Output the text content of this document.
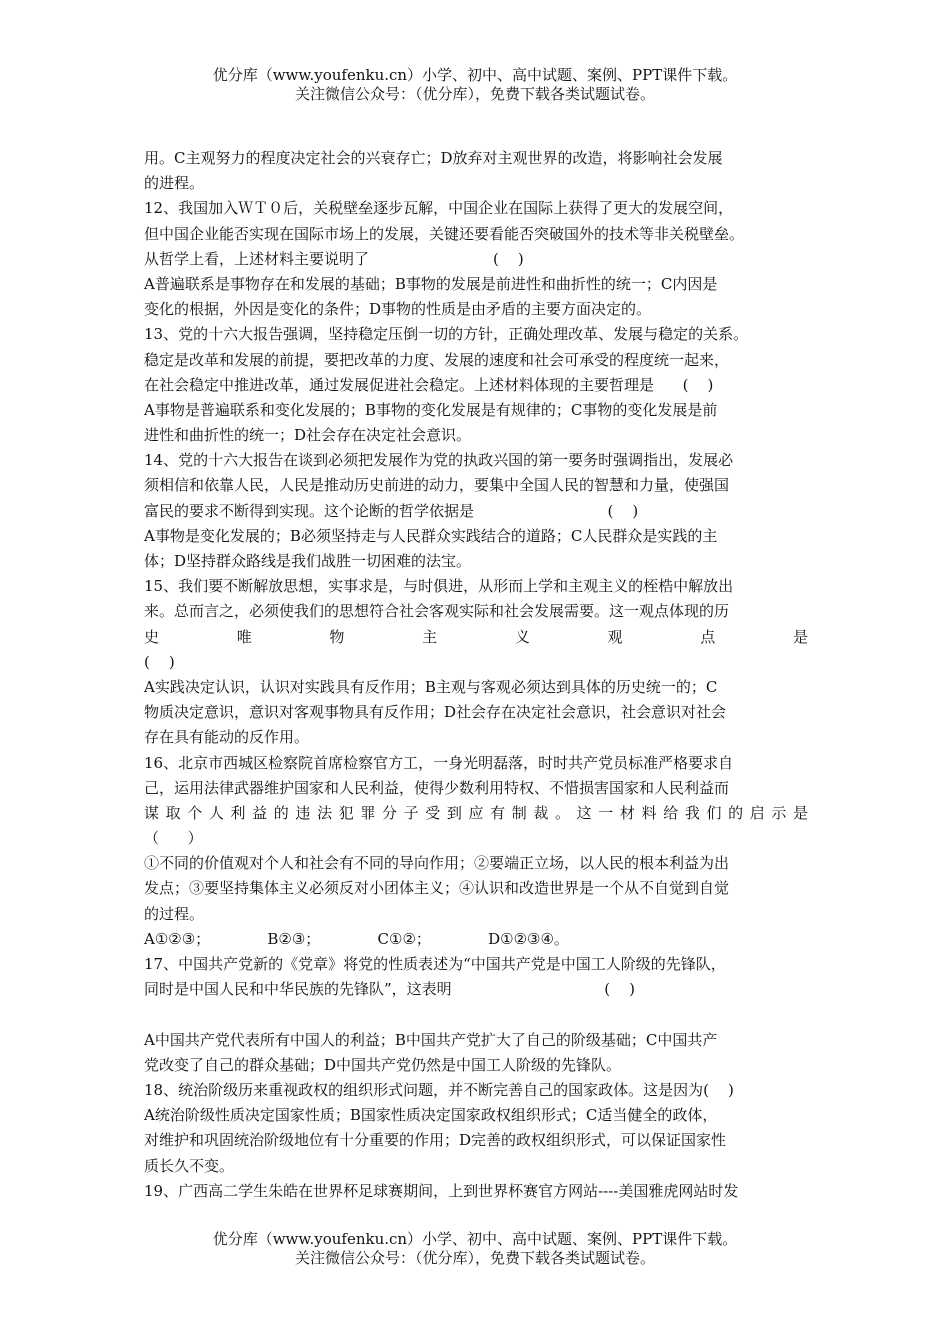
优分库（www.youfenku.cn）小学、初中、高中试题、案例、PPT课件下载。
关注微信公众号：（优分库），免费下载各类试题试卷。
用。C主观努力的程度决定社会的兴衰存亡；D放弃对主观世界的改造，将影响社会发展
的进程。
12、我国加入ＷＴ０后，关税壁垒逐步瓦解，中国企业在国际上获得了更大的发展空间，
但中国企业能否实现在国际市场上的发展，关键还要看能否突破国外的技术等非关税壁垒。
从哲学上看，上述材料主要说明了                          (    )
A普遍联系是事物存在和发展的基础；B事物的发展是前进性和曲折性的统一；C内因是
变化的根据，外因是变化的条件；D事物的性质是由矛盾的主要方面决定的。
13、党的十六大报告强调，坚持稳定压倒一切的方针，正确处理改革、发展与稳定的关系。
稳定是改革和发展的前提，要把改革的力度、发展的速度和社会可承受的程度统一起来，
在社会稳定中推进改革，通过发展促进社会稳定。上述材料体现的主要哲理是      (    )
A事物是普遍联系和变化发展的；B事物的变化发展是有规律的；C事物的变化发展是前
进性和曲折性的统一；D社会存在决定社会意识。
14、党的十六大报告在谈到必须把发展作为党的执政兴国的第一要务时强调指出，发展必
须相信和依靠人民，人民是推动历史前进的动力，要集中全国人民的智慧和力量，使强国
富民的要求不断得到实现。这个论断的哲学依据是                            (    )
A事物是变化发展的；B必须坚持走与人民群众实践结合的道路；C人民群众是实践的主
体；D坚持群众路线是我们战胜一切困难的法宝。
15、我们要不断解放思想，实事求是，与时俱进，从形而上学和主观主义的桎梏中解放出
来。总而言之，必须使我们的思想符合社会客观实际和社会发展需要。这一观点体现的历
史 唯 物 主 义 观 点 是
(    )
A实践决定认识，认识对实践具有反作用；B主观与客观必须达到具体的历史统一的；C
物质决定意识，意识对客观事物具有反作用；D社会存在决定社会意识，社会意识对社会
存在具有能动的反作用。
16、北京市西城区检察院首席检察官方工，一身光明磊落，时时共产党员标准严格要求自
己，运用法律武器维护国家和人民利益，使得少数利用特权、不惜损害国家和人民利益而
谋 取 个 人 利 益 的 违 法 犯 罪 分 子 受 到 应 有 制 裁 。 这 一 材 料 给 我 们 的 启 示 是
（      ）
①不同的价值观对个人和社会有不同的导向作用；②要端正立场，以人民的根本利益为出
发点；③要坚持集体主义必须反对小团体主义；④认识和改造世界是一个从不自觉到自觉
的过程。
A①②③；            B②③；            C①②；            D①②③④。
17、中国共产党新的《党章》将党的性质表述为“中国共产党是中国工人阶级的先锋队，
同时是中国人民和中华民族的先锋队”，这表明                                (    )
A中国共产党代表所有中国人的利益；B中国共产党扩大了自己的阶级基础；C中国共产
党改变了自己的群众基础；D中国共产党仍然是中国工人阶级的先锋队。
18、统治阶级历来重视政权的组织形式问题，并不断完善自己的国家政体。这是因为(    )
A统治阶级性质决定国家性质；B国家性质决定国家政权组织形式；C适当健全的政体，
对维护和巩固统治阶级地位有十分重要的作用；D完善的政权组织形式，可以保证国家性
质长久不变。
19、广西高二学生朱皓在世界杯足球赛期间，上到世界杯赛官方网站----美国雅虎网站时发
优分库（www.youfenku.cn）小学、初中、高中试题、案例、PPT课件下载。
关注微信公众号：（优分库），免费下载各类试题试卷。
